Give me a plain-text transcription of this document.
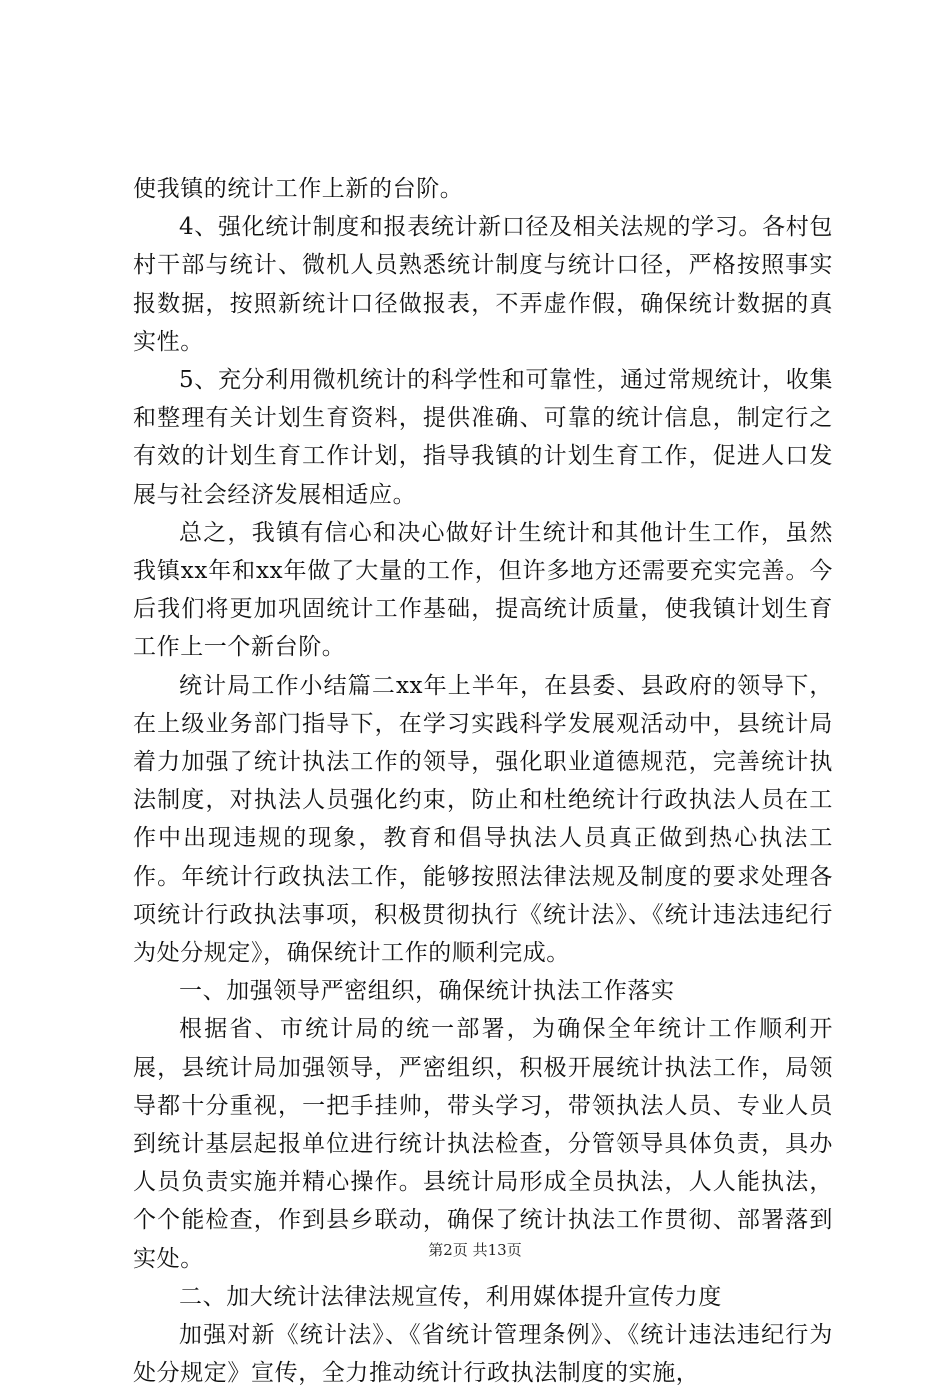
使我镇的统计工作上新的台阶。

4、强化统计制度和报表统计新口径及相关法规的学习。各村包村干部与统计、微机人员熟悉统计制度与统计口径，严格按照事实报数据，按照新统计口径做报表，不弄虚作假，确保统计数据的真实性。

5、充分利用微机统计的科学性和可靠性，通过常规统计，收集和整理有关计划生育资料，提供准确、可靠的统计信息，制定行之有效的计划生育工作计划，指导我镇的计划生育工作，促进人口发展与社会经济发展相适应。

总之，我镇有信心和决心做好计生统计和其他计生工作，虽然我镇xx年和xx年做了大量的工作，但许多地方还需要充实完善。今后我们将更加巩固统计工作基础，提高统计质量，使我镇计划生育工作上一个新台阶。

统计局工作小结篇二xx年上半年，在县委、县政府的领导下，在上级业务部门指导下，在学习实践科学发展观活动中，县统计局着力加强了统计执法工作的领导，强化职业道德规范，完善统计执法制度，对执法人员强化约束，防止和杜绝统计行政执法人员在工作中出现违规的现象，教育和倡导执法人员真正做到热心执法工作。年统计行政执法工作，能够按照法律法规及制度的要求处理各项统计行政执法事项，积极贯彻执行《统计法》、《统计违法违纪行为处分规定》，确保统计工作的顺利完成。

一、加强领导严密组织，确保统计执法工作落实

根据省、市统计局的统一部署，为确保全年统计工作顺利开展，县统计局加强领导，严密组织，积极开展统计执法工作，局领导都十分重视，一把手挂帅，带头学习，带领执法人员、专业人员到统计基层起报单位进行统计执法检查，分管领导具体负责，具办人员负责实施并精心操作。县统计局形成全员执法，人人能执法，个个能检查，作到县乡联动，确保了统计执法工作贯彻、部署落到实处。

二、加大统计法律法规宣传，利用媒体提升宣传力度

加强对新《统计法》、《省统计管理条例》、《统计违法违纪行为处分规定》宣传，全力推动统计行政执法制度的实施，

第2页 共13页
